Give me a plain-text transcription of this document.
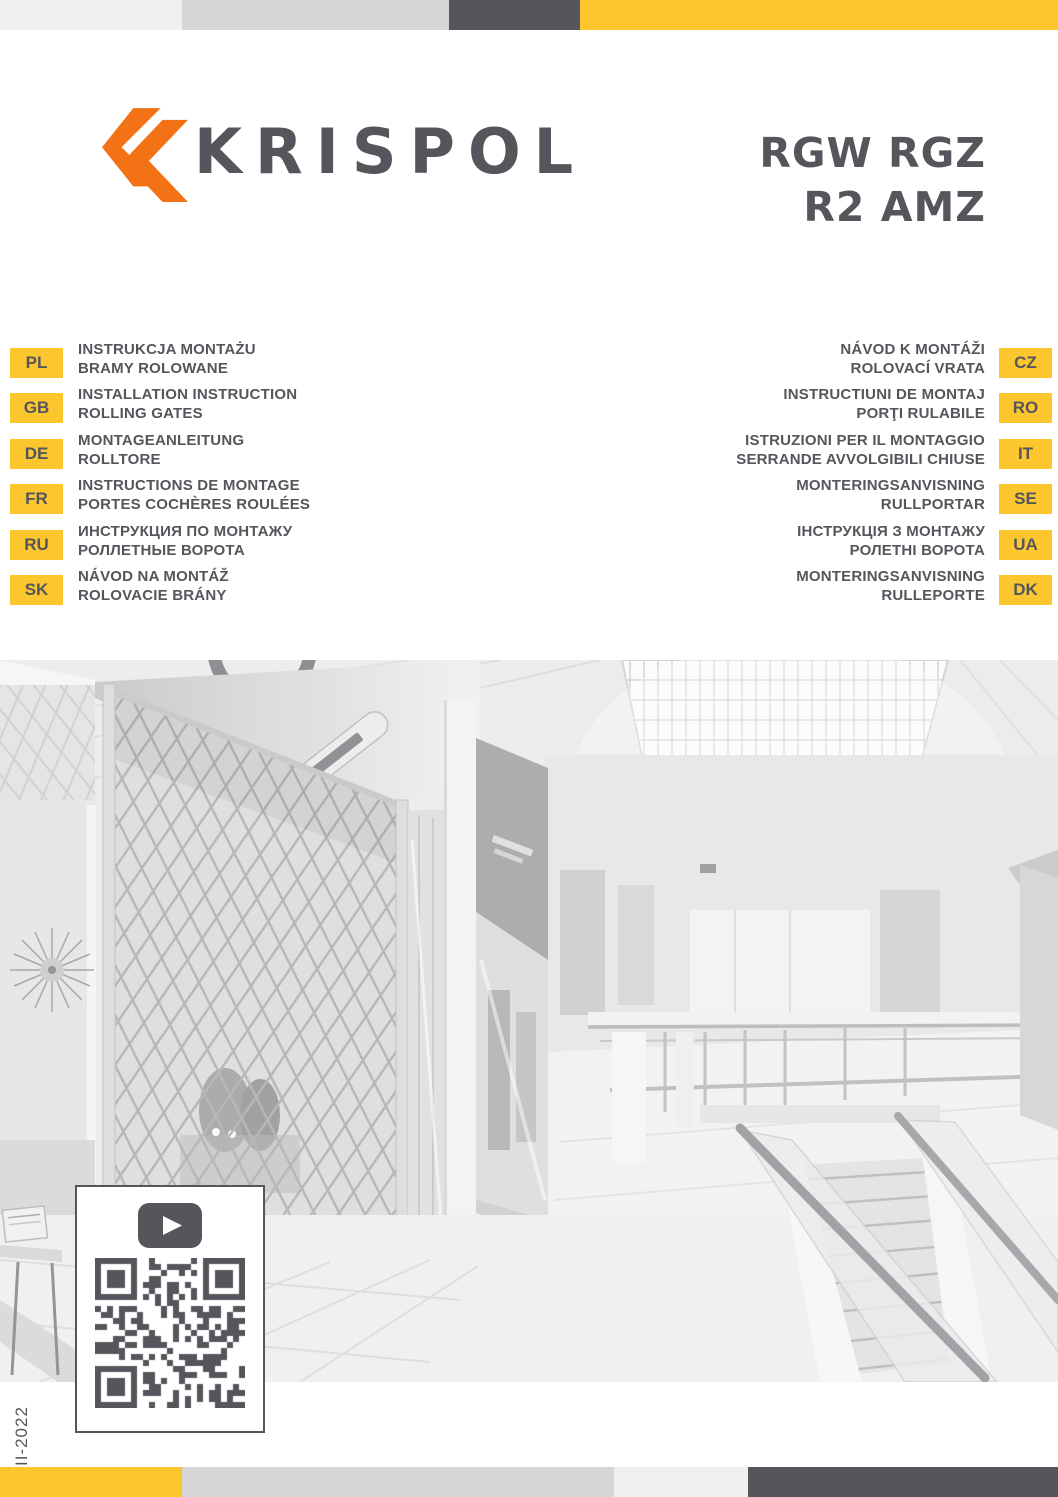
KRISPOL	RGW RGZ
R2 AMZ
PL
INSTRUKCJA MONTAŻU
BRAMY ROLOWANE
GB
INSTALLATION INSTRUCTION
ROLLING GATES
DE
MONTAGEANLEITUNG
ROLLTORE
FR
INSTRUCTIONS DE MONTAGE
PORTES COCHÈRES ROULÉES
RU
ИНСТРУКЦИЯ ПО МОНТАЖУ
РОЛЛЕТНЫЕ ВОРОТА
SK
NÁVOD NA MONTÁŽ
ROLOVACIE BRÁNY
CZ
NÁVOD K MONTÁŽI
ROLOVACÍ VRATA
RO
INSTRUCTIUNI DE MONTAJ
PORŢI RULABILE
IT
ISTRUZIONI PER IL MONTAGGIO
SERRANDE AVVOLGIBILI CHIUSE
SE
MONTERINGSANVISNING
RULLPORTAR
UA
ІНСТРУКЦІЯ З МОНТАЖУ
РОЛЕТНІ ВОРОТА
DK
MONTERINGSANVISNING
RULLEPORTE
II-2022
